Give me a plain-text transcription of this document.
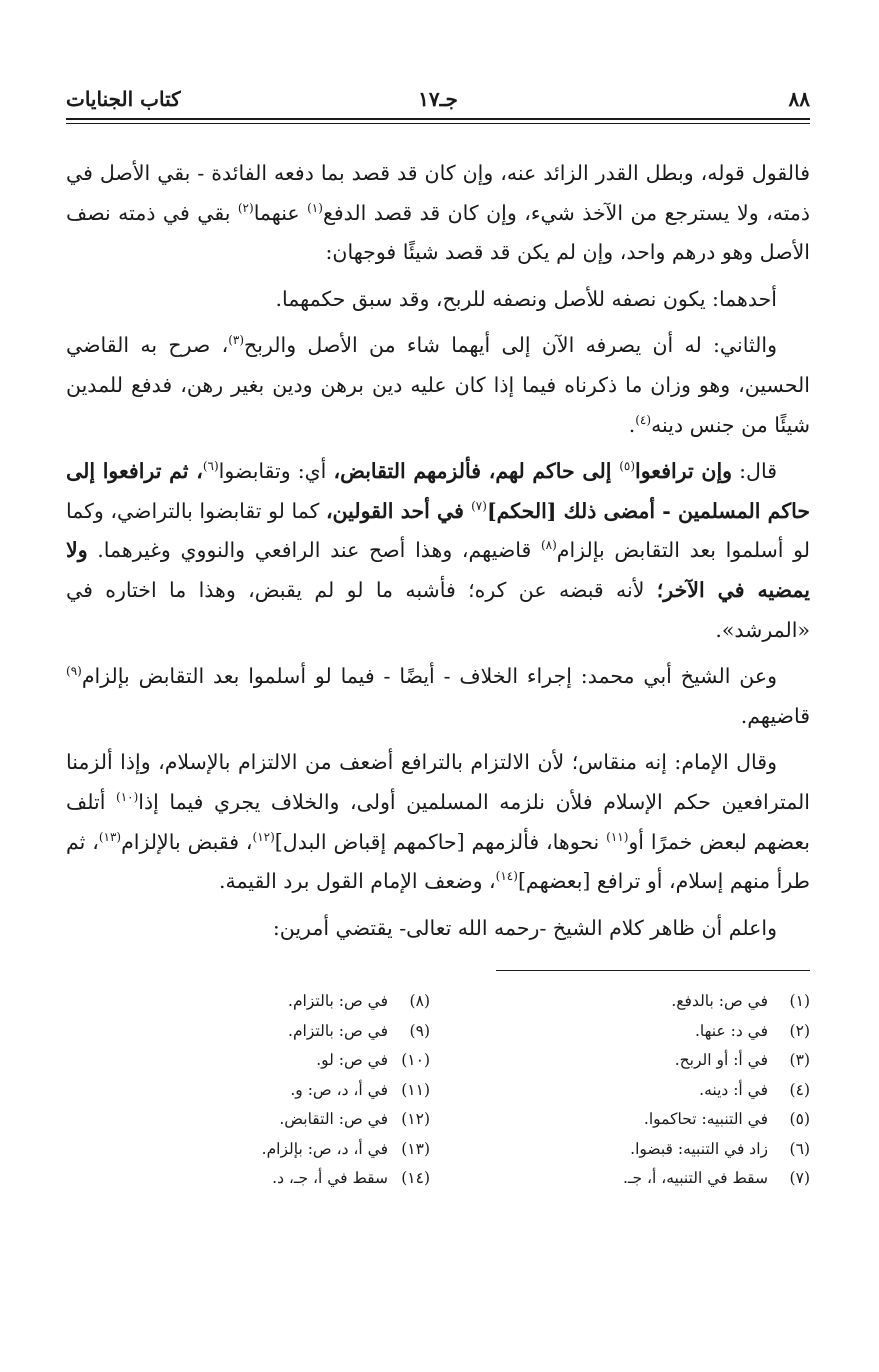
٨٨
جـ١٧
كتاب الجنايات

فالقول قوله، وبطل القدر الزائد عنه، وإن كان قد قصد بما دفعه الفائدة - بقي الأصل في ذمته، ولا يسترجع من الآخذ شيء، وإن كان قد قصد الدفع$^{(١)}$ عنهما$^{(٢)}$ بقي في ذمته نصف الأصل وهو درهم واحد، وإن لم يكن قد قصد شيئًا فوجهان:

أحدهما: يكون نصفه للأصل ونصفه للربح، وقد سبق حكمهما.

والثاني: له أن يصرفه الآن إلى أيهما شاء من الأصل والربح$^{(٣)}$، صرح به القاضي الحسين، وهو وزان ما ذكرناه فيما إذا كان عليه دين برهن ودين بغير رهن، فدفع للمدين شيئًا من جنس دينه$^{(٤)}$.

قال: وإن ترافعوا$^{(٥)}$ إلى حاكم لهم، فألزمهم التقابض، أي: وتقابضوا$^{(٦)}$، ثم ترافعوا إلى حاكم المسلمين - أمضى ذلك [الحكم]$^{(٧)}$ في أحد القولين، كما لو تقابضوا بالتراضي، وكما لو أسلموا بعد التقابض بإلزام$^{(٨)}$ قاضيهم، وهذا أصح عند الرافعي والنووي وغيرهما. ولا يمضيه في الآخر؛ لأنه قبضه عن كره؛ فأشبه ما لو لم يقبض، وهذا ما اختاره في «المرشد».

وعن الشيخ أبي محمد: إجراء الخلاف - أيضًا - فيما لو أسلموا بعد التقابض بإلزام$^{(٩)}$ قاضيهم.

وقال الإمام: إنه منقاس؛ لأن الالتزام بالترافع أضعف من الالتزام بالإسلام، وإذا ألزمنا المترافعين حكم الإسلام فلأن نلزمه المسلمين أولى، والخلاف يجري فيما إذا$^{(١٠)}$ أتلف بعضهم لبعض خمرًا أو$^{(١١)}$ نحوها، فألزمهم [حاكمهم إقباض البدل]$^{(١٢)}$، فقبض بالإلزام$^{(١٣)}$، ثم طرأ منهم إسلام، أو ترافع [بعضهم]$^{(١٤)}$، وضعف الإمام القول برد القيمة.

واعلم أن ظاهر كلام الشيخ -رحمه الله تعالى- يقتضي أمرين:

(١)
في ص: بالدفع.
(٢)
في د: عنها.
(٣)
في أ: أو الربح.
(٤)
في أ: دينه.
(٥)
في التنبيه: تحاكموا.
(٦)
زاد في التنبيه: قبضوا.
(٧)
سقط في التنبيه، أ، جـ.
(٨)
في ص: بالتزام.
(٩)
في ص: بالتزام.
(١٠)
في ص: لو.
(١١)
في أ، د، ص: و.
(١٢)
في ص: التقابض.
(١٣)
في أ، د، ص: بإلزام.
(١٤)
سقط في أ، جـ، د.
